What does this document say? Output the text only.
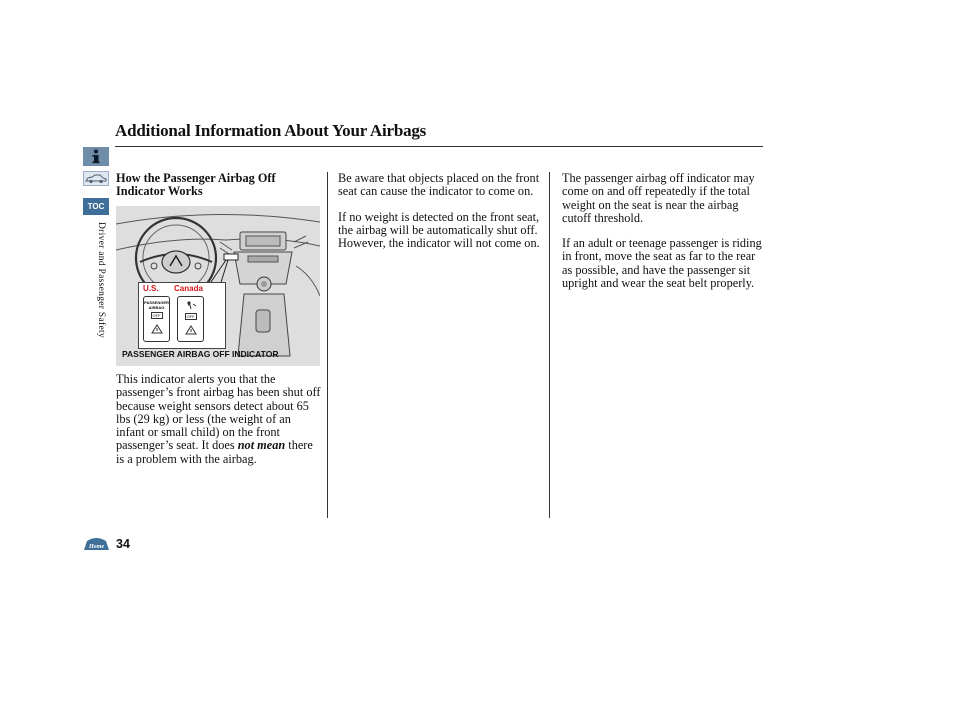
Additional Information About Your Airbags
TOC
Driver and Passenger Safety

How the Passenger Airbag Off Indicator Works

U.S. Canada
PASSENGER AIRBAG
OFF	OFF
PASSENGER AIRBAG OFF INDICATOR

This indicator alerts you that the passenger’s front airbag has been shut off because weight sensors detect about 65 lbs (29 kg) or less (the weight of an infant or small child) on the front passenger’s seat. It does not mean there is a problem with the airbag.

Be aware that objects placed on the front seat can cause the indicator to come on.

If no weight is detected on the front seat, the airbag will be automatically shut off. However, the indicator will not come on.

The passenger airbag off indicator may come on and off repeatedly if the total weight on the seat is near the airbag cutoff threshold.

If an adult or teenage passenger is riding in front, move the seat as far to the rear as possible, and have the passenger sit upright and wear the seat belt properly.

Home 34
